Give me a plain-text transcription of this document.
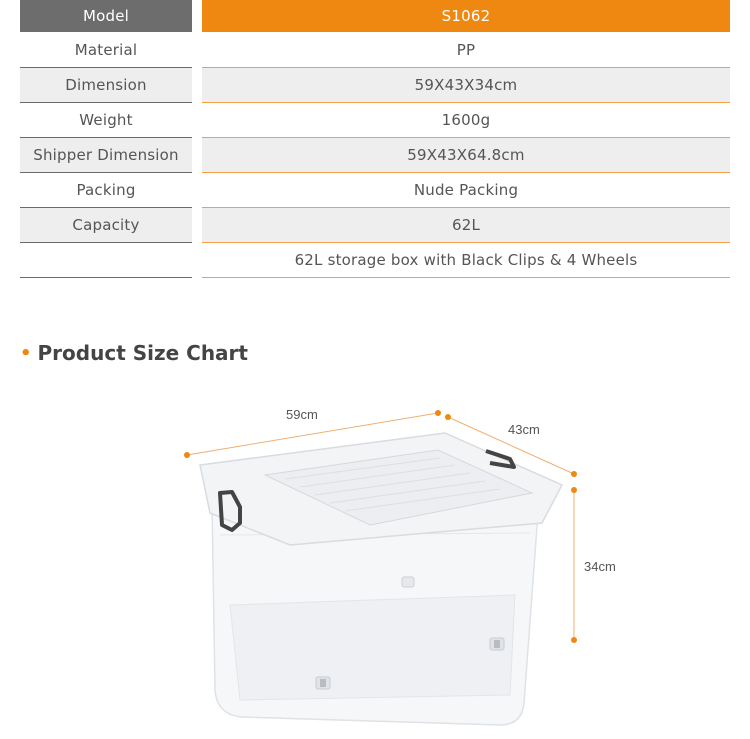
Model	S1062
Material	PP
Dimension	59X43X34cm
Weight	1600g
Shipper Dimension	59X43X64.8cm
Packing	Nude Packing
Capacity	62L
62L storage box with Black Clips & 4 Wheels
• Product Size Chart
59cm
43cm
34cm
